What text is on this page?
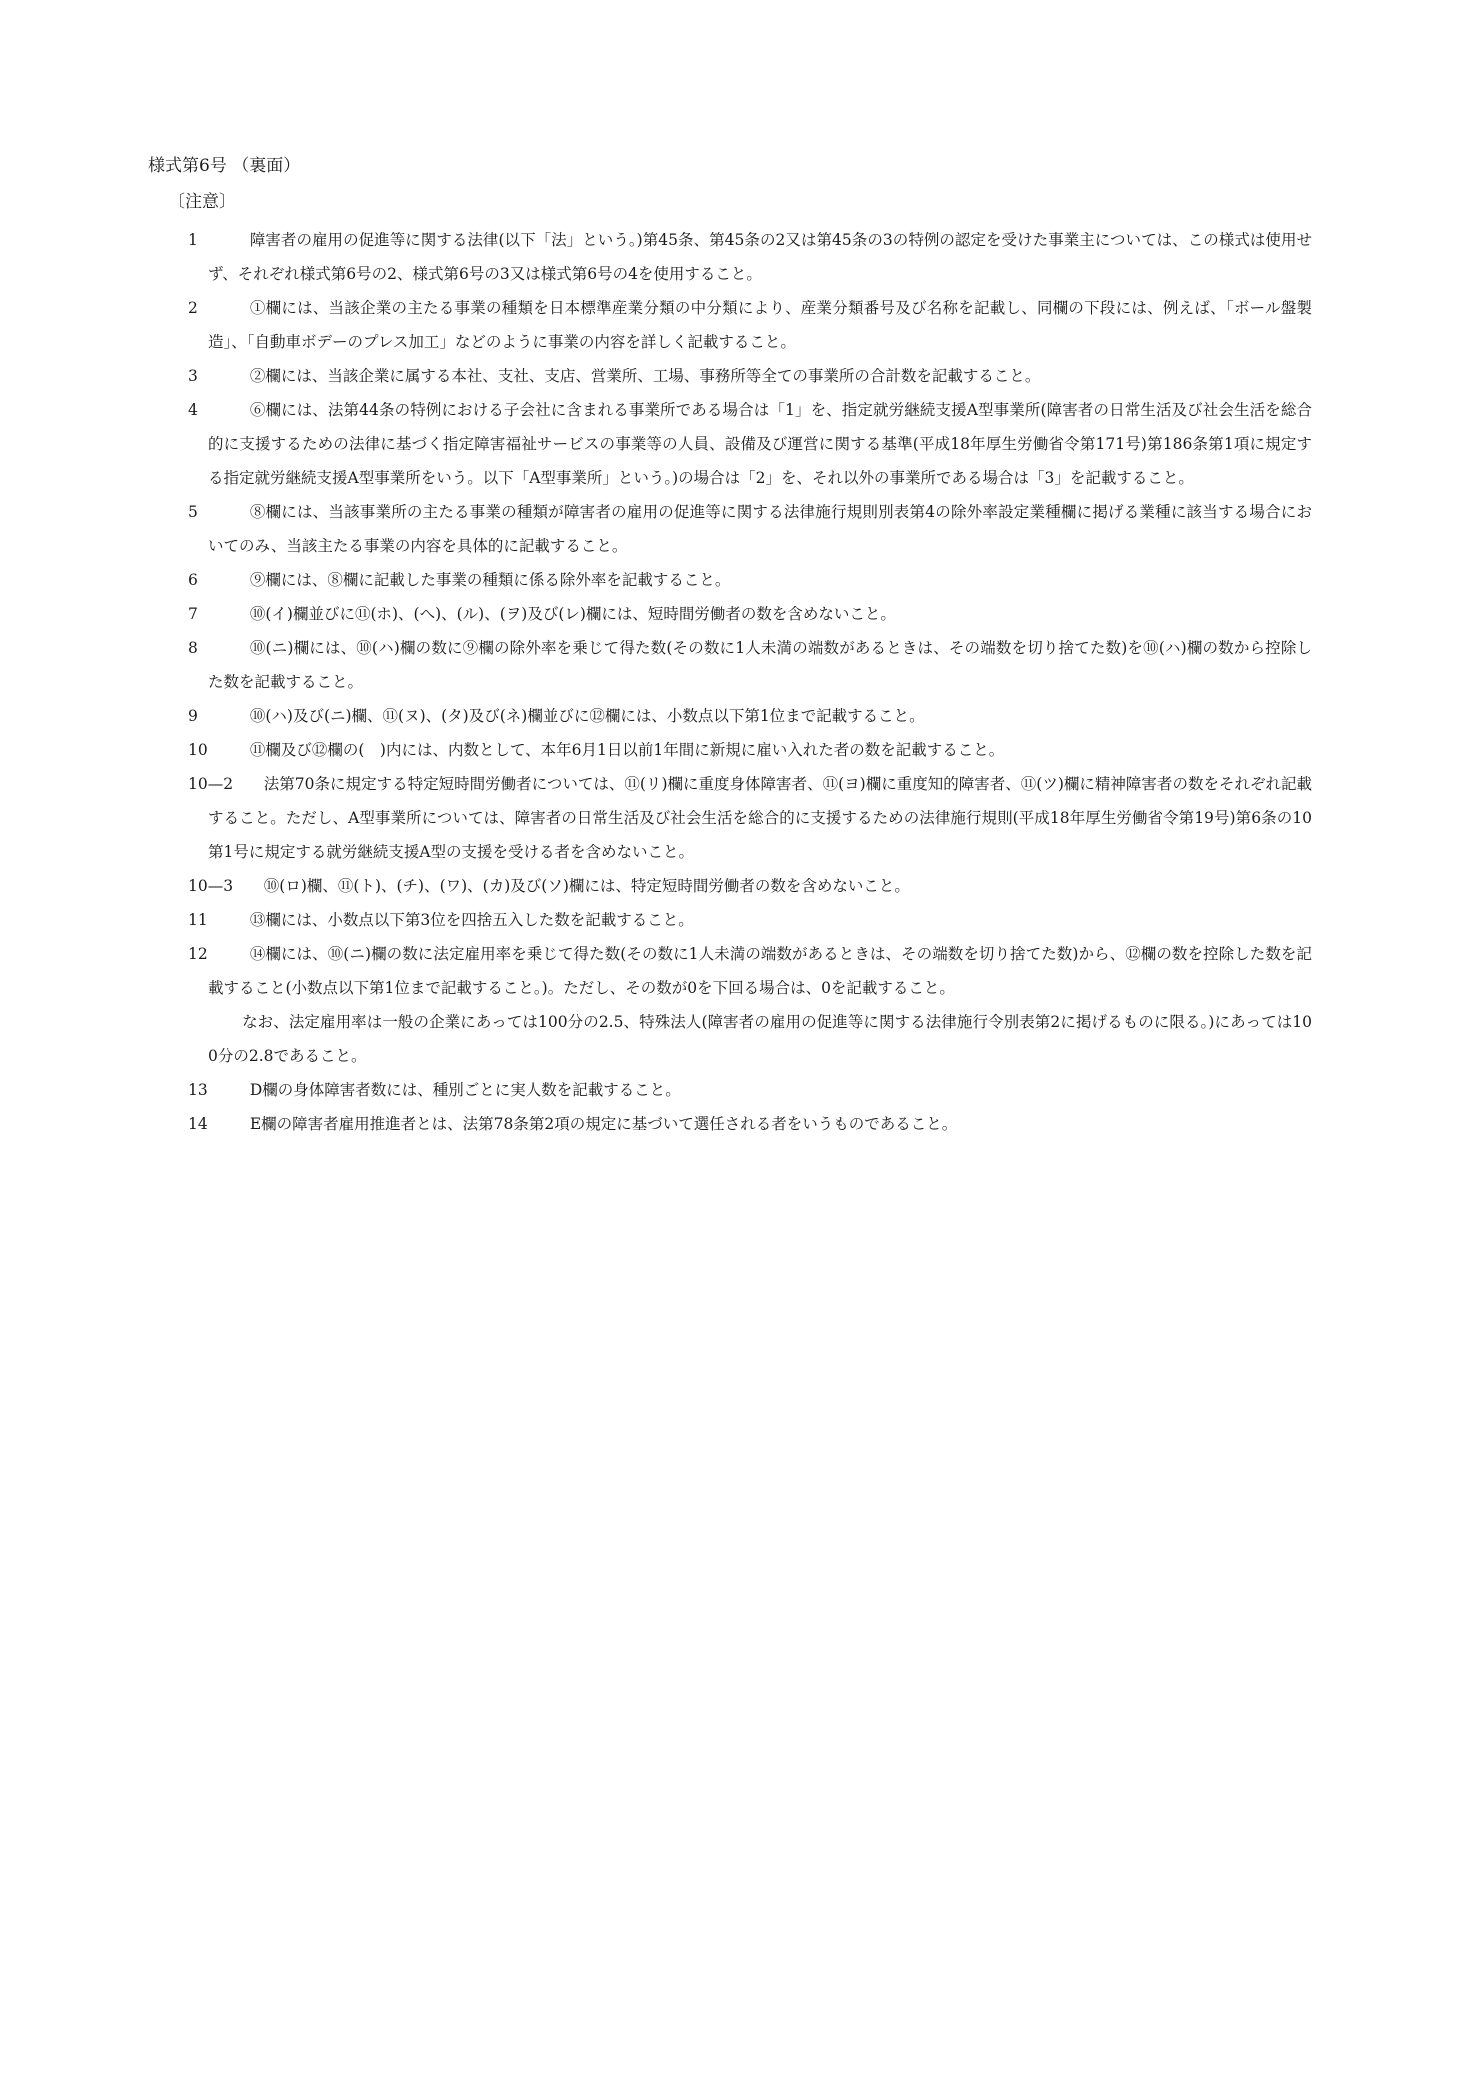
様式第6号 （裏面）
〔注意〕
1	障害者の雇用の促進等に関する法律(以下「法」という。)第45条、第45条の2又は第45条の3の特例の認定を受けた事業主については、この様式は使用せず、それぞれ様式第6号の2、様式第6号の3又は様式第6号の4を使用すること。
2	①欄には、当該企業の主たる事業の種類を日本標準産業分類の中分類により、産業分類番号及び名称を記載し、同欄の下段には、例えば、「ボール盤製造」、「自動車ボデーのプレス加工」などのように事業の内容を詳しく記載すること。
3	②欄には、当該企業に属する本社、支社、支店、営業所、工場、事務所等全ての事業所の合計数を記載すること。
4	⑥欄には、法第44条の特例における子会社に含まれる事業所である場合は「1」を、指定就労継続支援A型事業所(障害者の日常生活及び社会生活を総合的に支援するための法律に基づく指定障害福祉サービスの事業等の人員、設備及び運営に関する基準(平成18年厚生労働省令第171号)第186条第1項に規定する指定就労継続支援A型事業所をいう。以下「A型事業所」という。)の場合は「2」を、それ以外の事業所である場合は「3」を記載すること。
5	⑧欄には、当該事業所の主たる事業の種類が障害者の雇用の促進等に関する法律施行規則別表第4の除外率設定業種欄に掲げる業種に該当する場合においてのみ、当該主たる事業の内容を具体的に記載すること。
6	⑨欄には、⑧欄に記載した事業の種類に係る除外率を記載すること。
7	⑩(イ)欄並びに⑪(ホ)、(へ)、(ル)、(ヲ)及び(レ)欄には、短時間労働者の数を含めないこと。
8	⑩(ニ)欄には、⑩(ハ)欄の数に⑨欄の除外率を乗じて得た数(その数に1人未満の端数があるときは、その端数を切り捨てた数)を⑩(ハ)欄の数から控除した数を記載すること。
9	⑩(ハ)及び(ニ)欄、⑪(ヌ)、(タ)及び(ネ)欄並びに⑫欄には、小数点以下第1位まで記載すること。
10	⑪欄及び⑫欄の(　)内には、内数として、本年6月1日以前1年間に新規に雇い入れた者の数を記載すること。
10—2	法第70条に規定する特定短時間労働者については、⑪(リ)欄に重度身体障害者、⑪(ヨ)欄に重度知的障害者、⑪(ツ)欄に精神障害者の数をそれぞれ記載すること。ただし、A型事業所については、障害者の日常生活及び社会生活を総合的に支援するための法律施行規則(平成18年厚生労働省令第19号)第6条の10第1号に規定する就労継続支援A型の支援を受ける者を含めないこと。
10—3	⑩(ロ)欄、⑪(ト)、(チ)、(ワ)、(カ)及び(ソ)欄には、特定短時間労働者の数を含めないこと。
11	⑬欄には、小数点以下第3位を四捨五入した数を記載すること。
12	⑭欄には、⑩(ニ)欄の数に法定雇用率を乗じて得た数(その数に1人未満の端数があるときは、その端数を切り捨てた数)から、⑫欄の数を控除した数を記載すること(小数点以下第1位まで記載すること。)。ただし、その数が0を下回る場合は、0を記載すること。
なお、法定雇用率は一般の企業にあっては100分の2.5、特殊法人(障害者の雇用の促進等に関する法律施行令別表第2に掲げるものに限る。)にあっては100分の2.8であること。
13	D欄の身体障害者数には、種別ごとに実人数を記載すること。
14	E欄の障害者雇用推進者とは、法第78条第2項の規定に基づいて選任される者をいうものであること。
